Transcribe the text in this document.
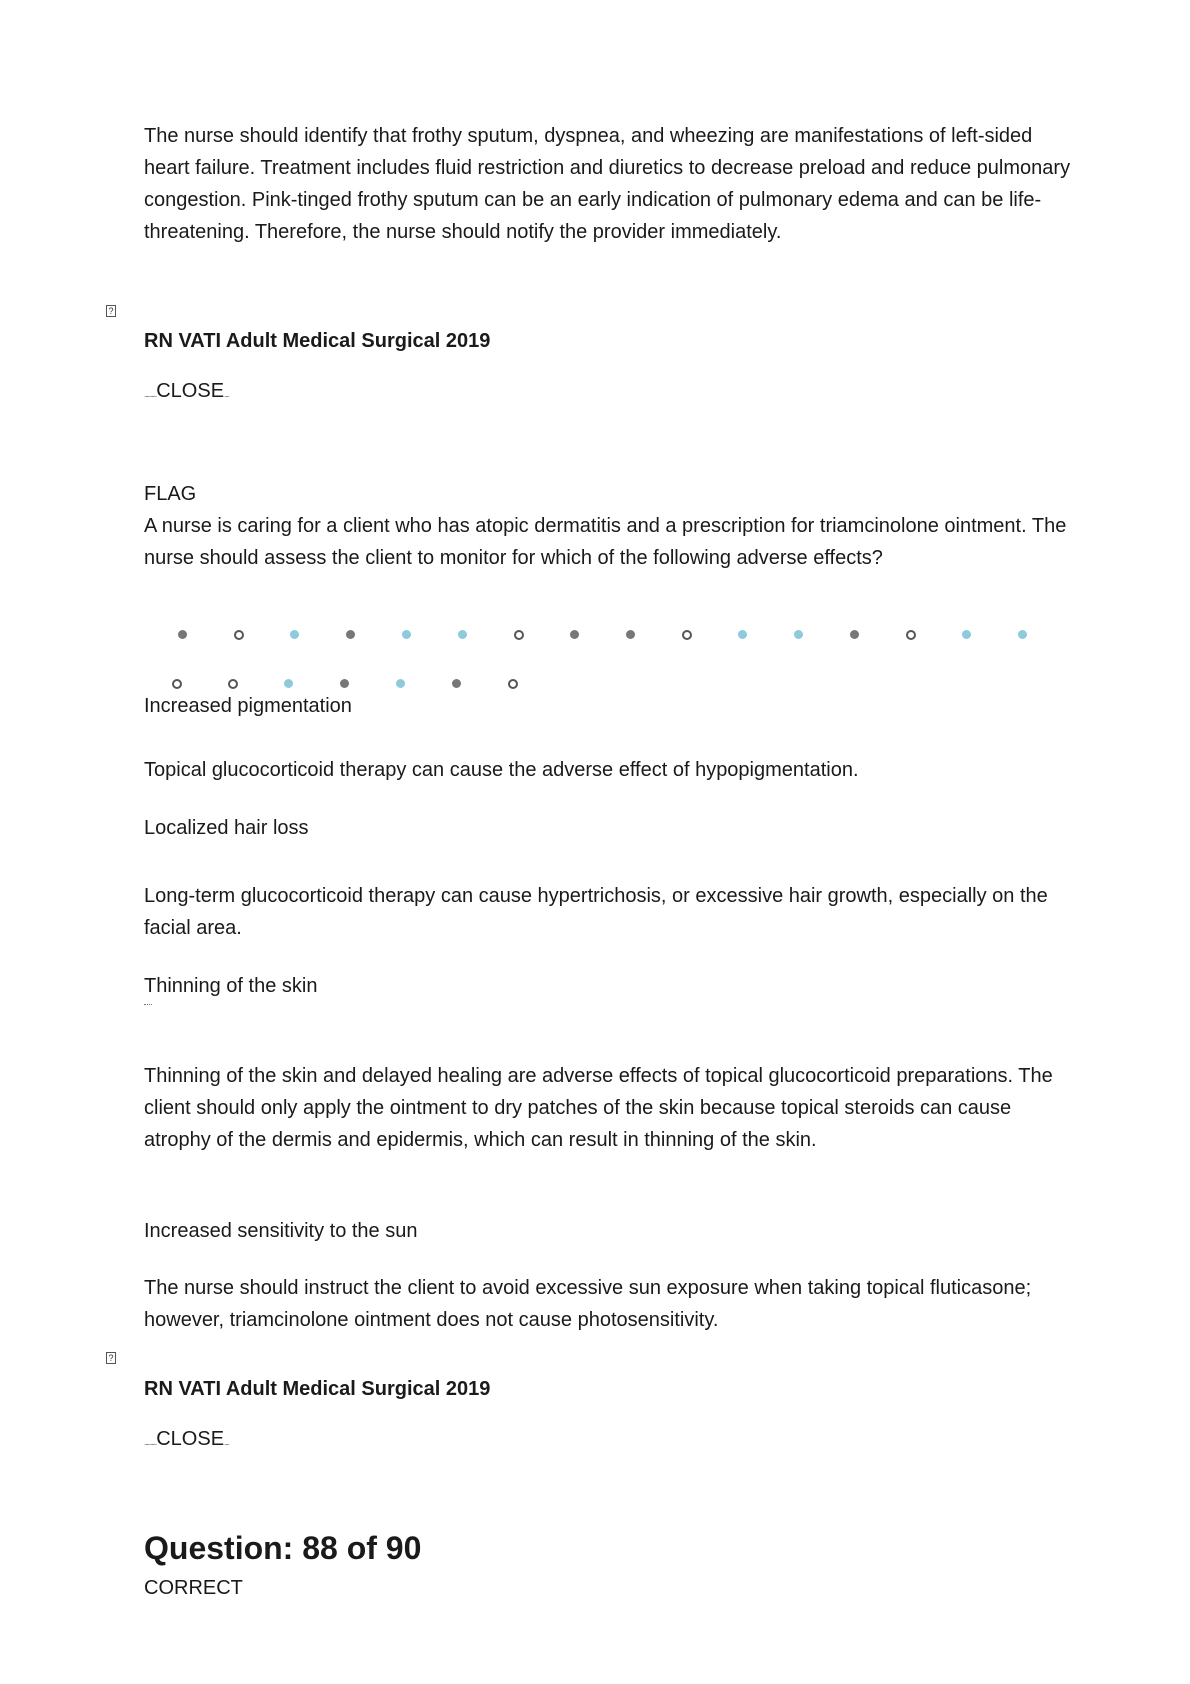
The nurse should identify that frothy sputum, dyspnea, and wheezing are manifestations of left-sided heart failure. Treatment includes fluid restriction and diuretics to decrease preload and reduce pulmonary congestion. Pink-tinged frothy sputum can be an early indication of pulmonary edema and can be life-threatening. Therefore, the nurse should notify the provider immediately.

?
RN VATI Adult Medical Surgical 2019
..........CLOSE....
FLAG

A nurse is caring for a client who has atopic dermatitis and a prescription for triamcinolone ointment. The nurse should assess the client to monitor for which of the following adverse effects?

Increased pigmentation

Topical glucocorticoid therapy can cause the adverse effect of hypopigmentation.

Localized hair loss

Long-term glucocorticoid therapy can cause hypertrichosis, or excessive hair growth, especially on the facial area.

Thinning of the skin

Thinning of the skin and delayed healing are adverse effects of topical glucocorticoid preparations. The client should only apply the ointment to dry patches of the skin because topical steroids can cause atrophy of the dermis and epidermis, which can result in thinning of the skin.

Increased sensitivity to the sun

The nurse should instruct the client to avoid excessive sun exposure when taking topical fluticasone; however, triamcinolone ointment does not cause photosensitivity.

?
RN VATI Adult Medical Surgical 2019
..........CLOSE....
Question: 88 of 90
CORRECT
